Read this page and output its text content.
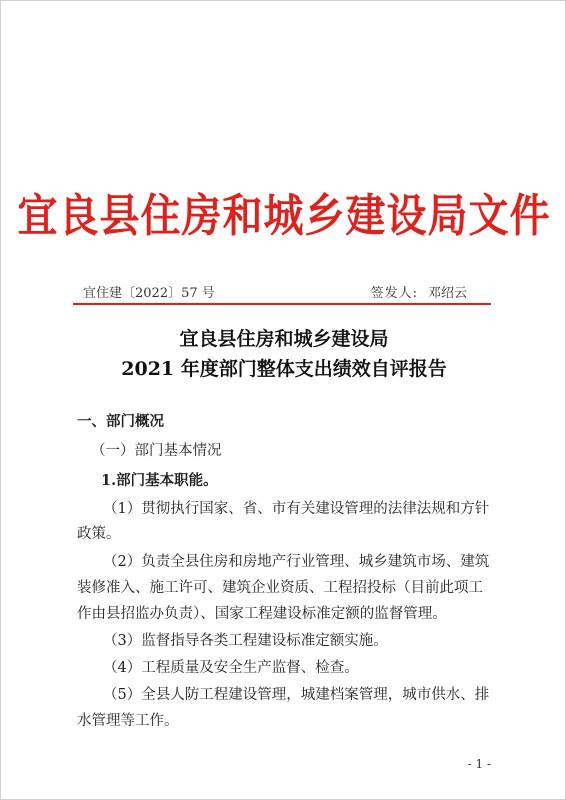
宜良县住房和城乡建设局文件
宜住建〔2022〕57 号	签发人: 邓绍云
宜良县住房和城乡建设局
2021 年度部门整体支出绩效自评报告
一、部门概况
（一）部门基本情况
1.部门基本职能。
（1）贯彻执行国家、省、市有关建设管理的法律法规和方针
政策。
（2）负责全县住房和房地产行业管理、城乡建筑市场、建筑
装修准入、施工许可、建筑企业资质、工程招投标（目前此项工
作由县招监办负责）、国家工程建设标准定额的监督管理。
（3）监督指导各类工程建设标准定额实施。
（4）工程质量及安全生产监督、检查。
（5）全县人防工程建设管理，城建档案管理，城市供水、排
水管理等工作。
- 1 -
